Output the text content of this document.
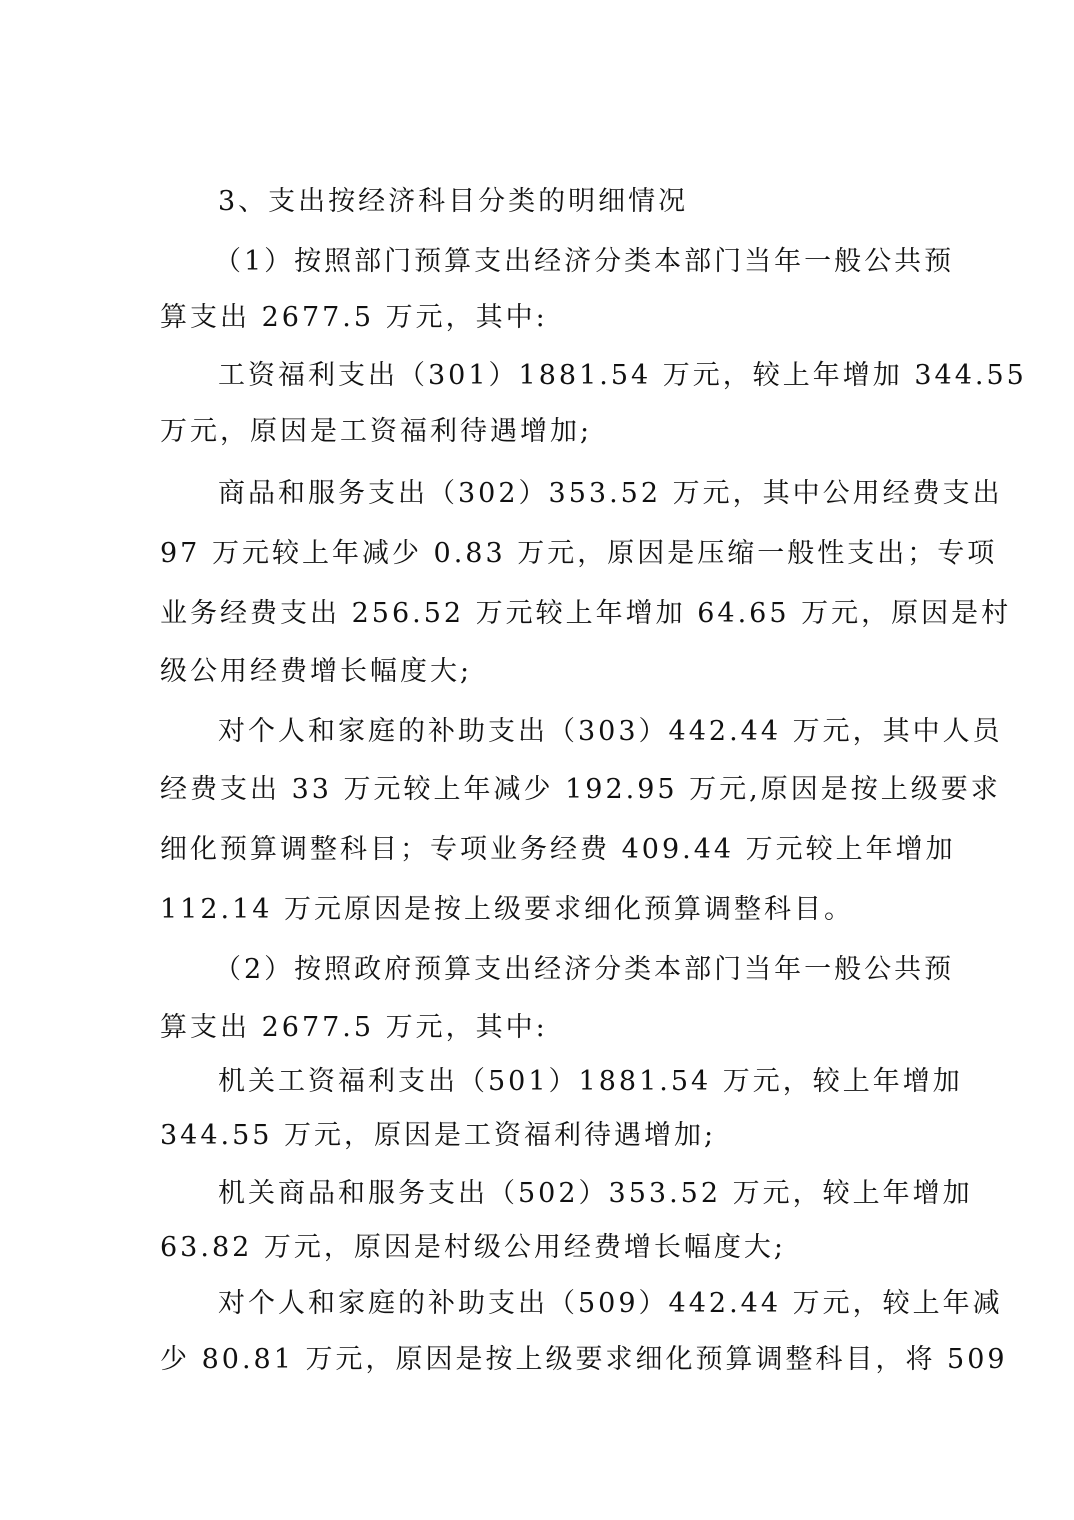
3、支出按经济科目分类的明细情况
（1）按照部门预算支出经济分类本部门当年一般公共预
算支出 2677.5 万元，其中:
工资福利支出（301）1881.54 万元，较上年增加 344.55
万元，原因是工资福利待遇增加;
商品和服务支出（302）353.52 万元，其中公用经费支出
97 万元较上年减少 0.83 万元，原因是压缩一般性支出；专项
业务经费支出 256.52 万元较上年增加 64.65 万元，原因是村
级公用经费增长幅度大;
对个人和家庭的补助支出（303）442.44 万元，其中人员
经费支出 33 万元较上年减少 192.95 万元,原因是按上级要求
细化预算调整科目；专项业务经费 409.44 万元较上年增加
112.14 万元原因是按上级要求细化预算调整科目。
（2）按照政府预算支出经济分类本部门当年一般公共预
算支出 2677.5 万元，其中:
机关工资福利支出（501）1881.54 万元，较上年增加
344.55 万元，原因是工资福利待遇增加;
机关商品和服务支出（502）353.52 万元，较上年增加
63.82 万元，原因是村级公用经费增长幅度大;
对个人和家庭的补助支出（509）442.44 万元，较上年减
少 80.81 万元，原因是按上级要求细化预算调整科目，将 509
